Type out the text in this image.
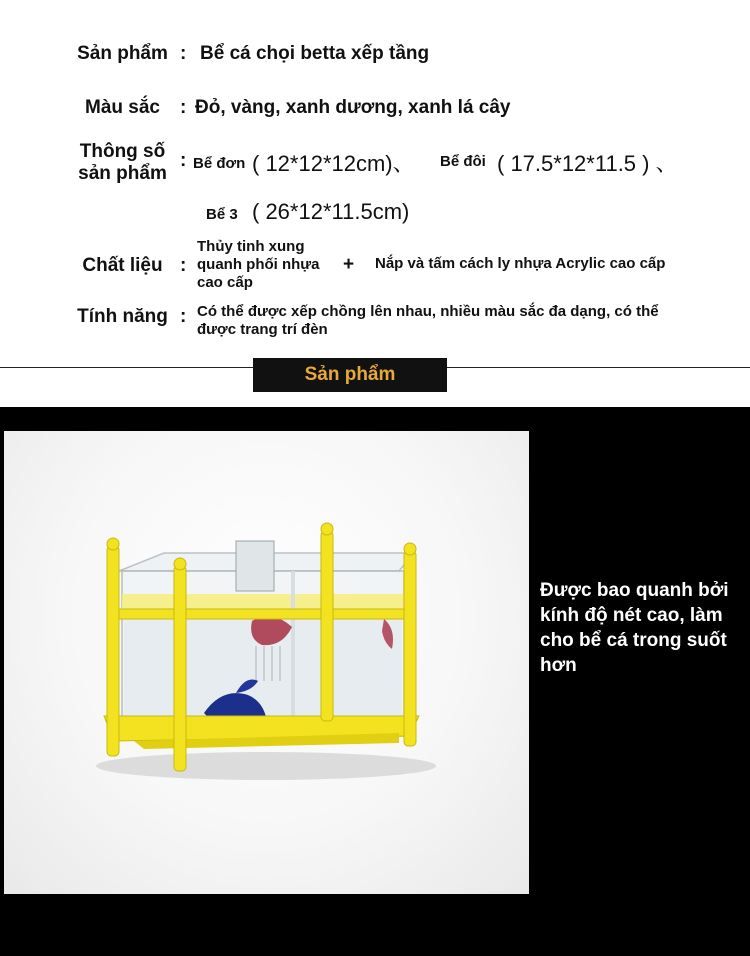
Sản phẩm : Bể cá chọi betta xếp tầng
Màu sắc	: Đỏ, vàng, xanh dương, xanh lá cây
Thông số
sản phẩm
: Bể đơn ( 12*12*12cm)、 Bể đôi ( 17.5*12*11.5 ) 、
Bể 3 ( 26*12*11.5cm)
Chất liệu :
Thủy tinh xung quanh phối nhựa cao cấp
+ Nắp và tấm cách ly nhựa Acrylic cao cấp
Tính năng : Có thể được xếp chồng lên nhau, nhiều màu sắc đa dạng, có thể được trang trí đèn
Sản phẩm
Được bao quanh bởi kính độ nét cao, làm cho bể cá trong suốt hơn
